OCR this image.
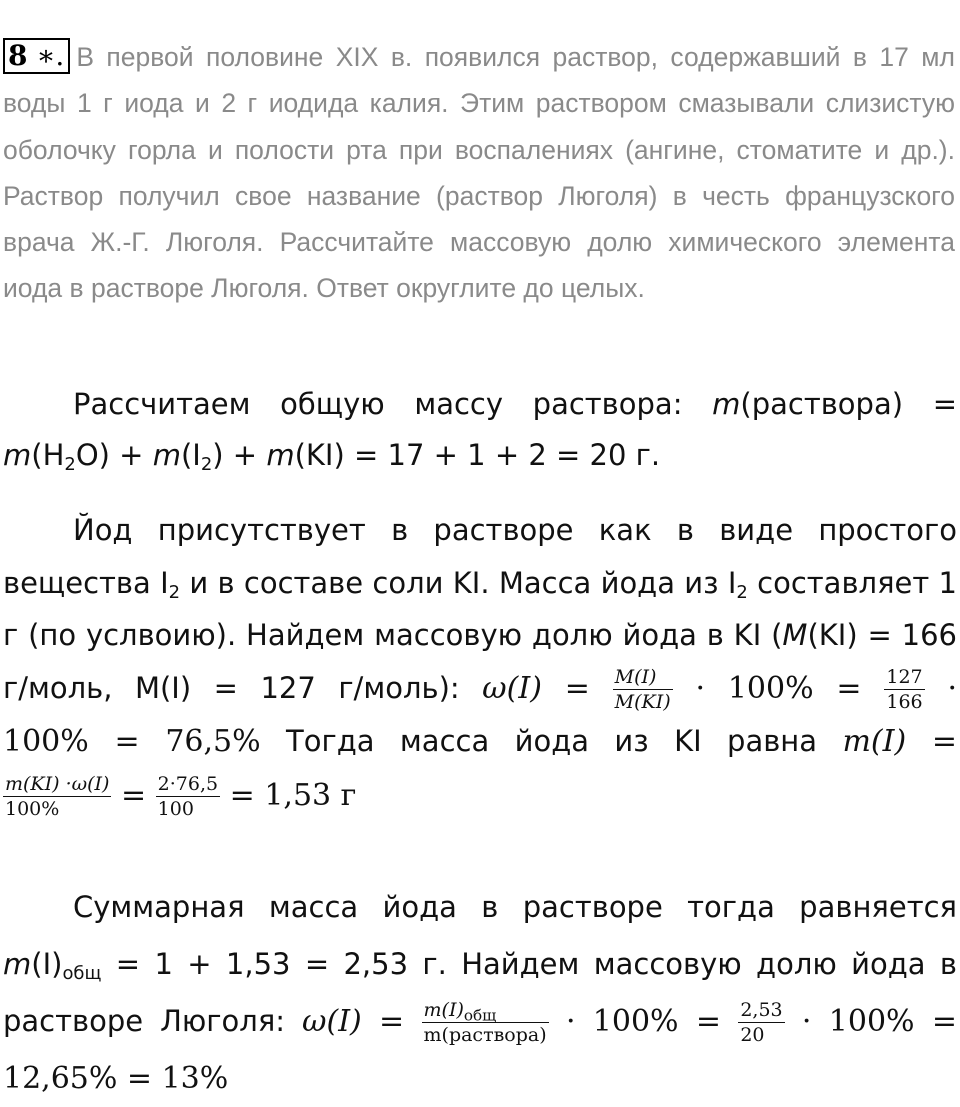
8 ∗. В первой половине XIX в. появился раствор, содержавший в 17 мл воды 1 г иода и 2 г иодида калия. Этим раствором смазывали слизистую оболочку горла и полости рта при воспалениях (ангине, стоматите и др.). Раствор получил свое название (раствор Люголя) в честь французского врача Ж.-Г. Люголя. Рассчитайте массовую долю химического элемента иода в растворе Люголя. Ответ округлите до целых.
Рассчитаем общую массу раствора: m(раствора) = $m(H_2O) + m(I_2) + m(KI) = 17 + 1 + 2 = 20$ г.
Йод присутствует в растворе как в виде простого вещества $I_2$ и в составе соли KI. Масса йода из $I_2$ составляет 1 г (по услвоию). Найдем массовую долю йода в KI (M(KI) = 166 г/моль, M(I) = 127 г/моль): $\omega(I) = \frac{M(I)}{M(KI)} \cdot 100\% = \frac{127}{166} \cdot 100\% = 76,5\%$ Тогда масса йода из KI равна m(I) =
$\frac{m(KI) \cdot\omega(I)}{100\%} = \frac{2\cdot 76,5}{100} = 1,53$ г
Суммарная масса йода в растворе тогда равняется $m(I)_{общ} = 1 + 1,53 = 2,53$ г. Найдем массовую долю йода в растворе Люголя: $\omega(I) = \frac{m(I)_{общ}}{\text{m(раствора)}} \cdot 100\% = \frac{2,53}{20} \cdot 100\% = 12,65\% = 13\%$
